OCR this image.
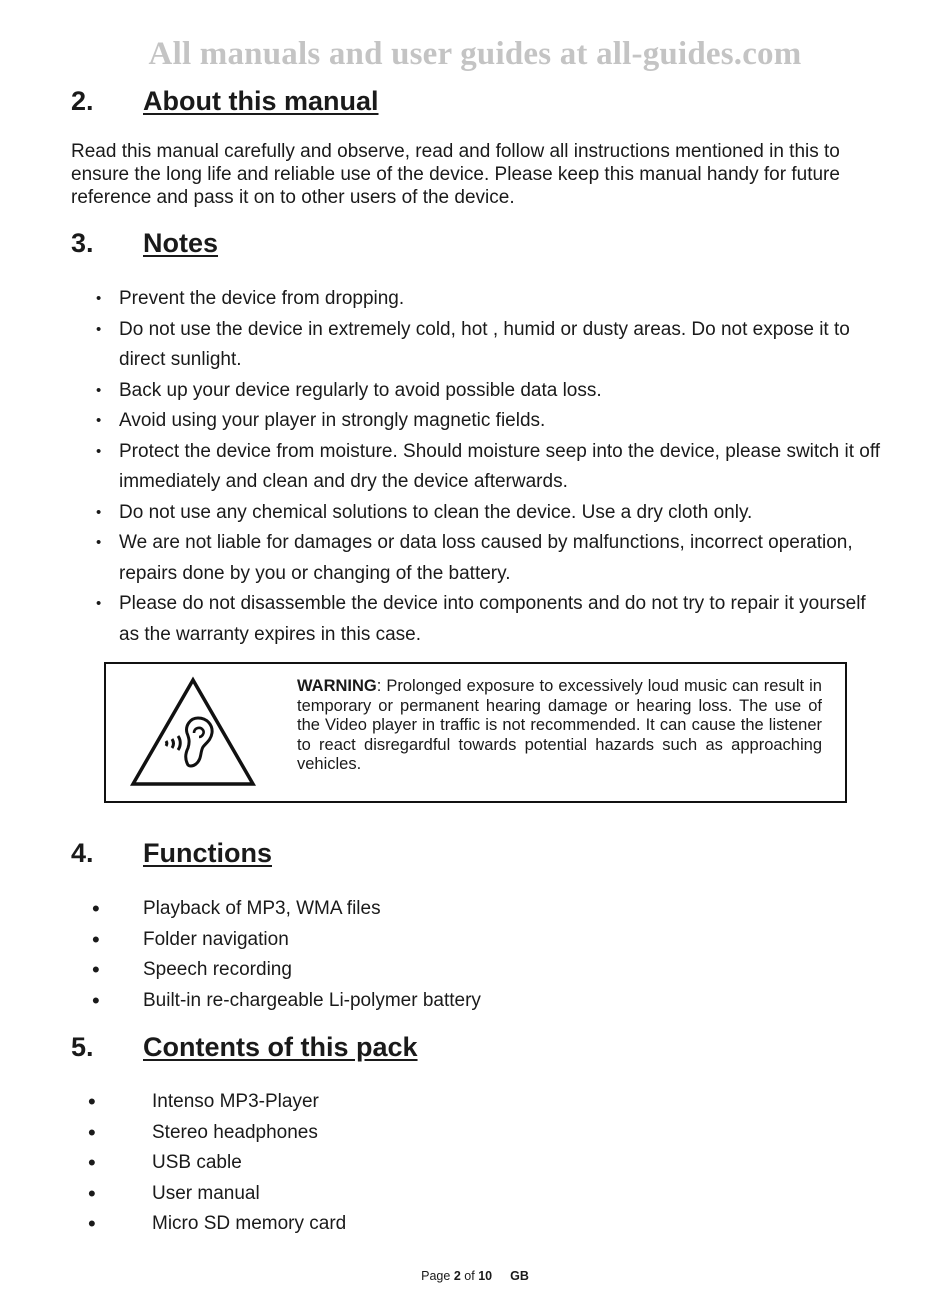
All manuals and user guides at all-guides.com
2. About this manual
Read this manual carefully and observe, read and follow all instructions mentioned in this to ensure the long life and reliable use of the device. Please keep this manual handy for future reference and pass it on to other users of the device.
3. Notes
• Prevent the device from dropping.
• Do not use the device in extremely cold, hot , humid or dusty areas. Do not expose it to direct sunlight.
• Back up your device regularly to avoid possible data loss.
• Avoid using your player in strongly magnetic fields.
• Protect the device from moisture. Should moisture seep into the device, please switch it off immediately and clean and dry the device afterwards.
• Do not use any chemical solutions to clean the device. Use a dry cloth only.
• We are not liable for damages or data loss caused by malfunctions, incorrect operation, repairs done by you or changing of the battery.
• Please do not disassemble the device into components and do not try to repair it yourself as the warranty expires in this case.
WARNING: Prolonged exposure to excessively loud music can result in temporary or permanent hearing damage or hearing loss. The use of the Video player in traffic is not recommended. It can cause the listener to react disregardful towards potential hazards such as approaching vehicles.
4. Functions
• Playback of MP3, WMA files
• Folder navigation
• Speech recording
• Built-in re-chargeable Li-polymer battery
5. Contents of this pack
•	Intenso MP3-Player
•	Stereo headphones
•	USB cable
•	User manual
•	Micro SD memory card
Page 2 of 10 GB
